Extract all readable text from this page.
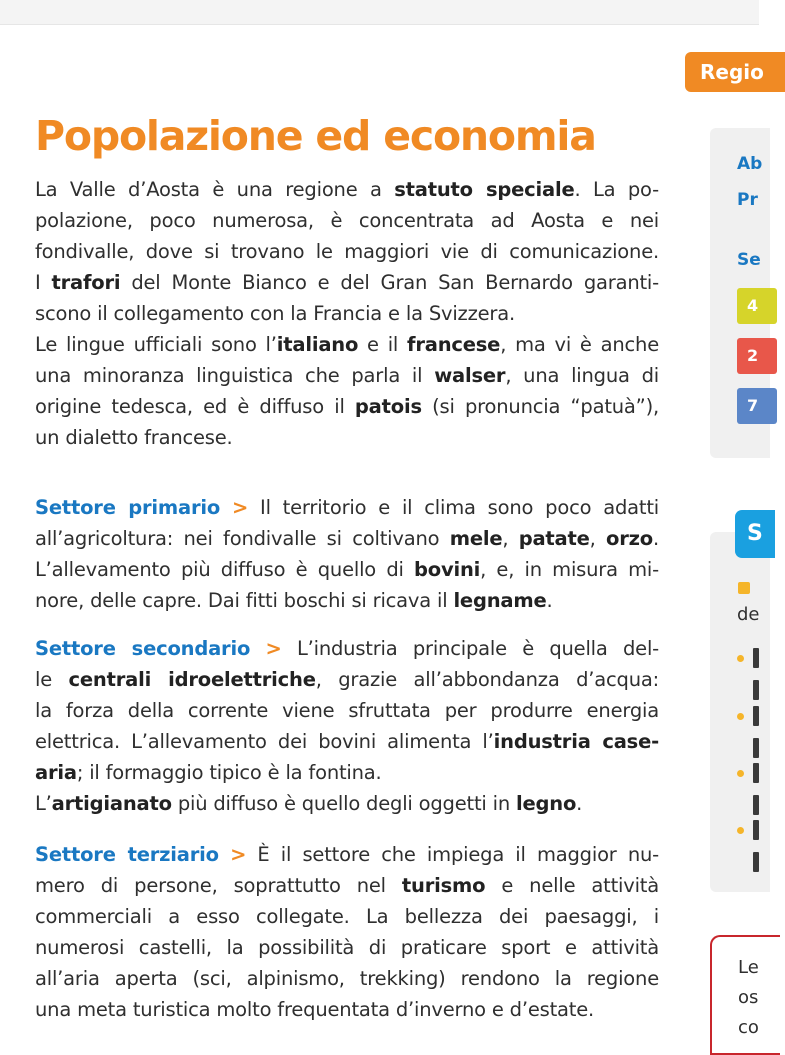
Popolazione ed economia
La Valle d’Aosta è una regione a statuto speciale. La po-
polazione, poco numerosa, è concentrata ad Aosta e nei
fondivalle, dove si trovano le maggiori vie di comunicazione.
I trafori del Monte Bianco e del Gran San Bernardo garanti-
scono il collegamento con la Francia e la Svizzera.
Le lingue ufficiali sono l’italiano e il francese, ma vi è anche
una minoranza linguistica che parla il walser, una lingua di
origine tedesca, ed è diffuso il patois (si pronuncia “patuà”),
un dialetto francese.
Settore primario > Il territorio e il clima sono poco adatti
all’agricoltura: nei fondivalle si coltivano mele, patate, orzo.
L’allevamento più diffuso è quello di bovini, e, in misura mi-
nore, delle capre. Dai fitti boschi si ricava il legname.
Settore secondario > L’industria principale è quella del-
le centrali idroelettriche, grazie all’abbondanza d’acqua:
la forza della corrente viene sfruttata per produrre energia
elettrica. L’allevamento dei bovini alimenta l’industria case-
aria; il formaggio tipico è la fontina.
L’artigianato più diffuso è quello degli oggetti in legno.
Settore terziario > È il settore che impiega il maggior nu-
mero di persone, soprattutto nel turismo e nelle attività
commerciali a esso collegate. La bellezza dei paesaggi, i
numerosi castelli, la possibilità di praticare sport e attività
all’aria aperta (sci, alpinismo, trekking) rendono la regione
una meta turistica molto frequentata d’inverno e d’estate.
Regio
Ab
Pr
Se
4
2
7
S
de
Le
os
co
